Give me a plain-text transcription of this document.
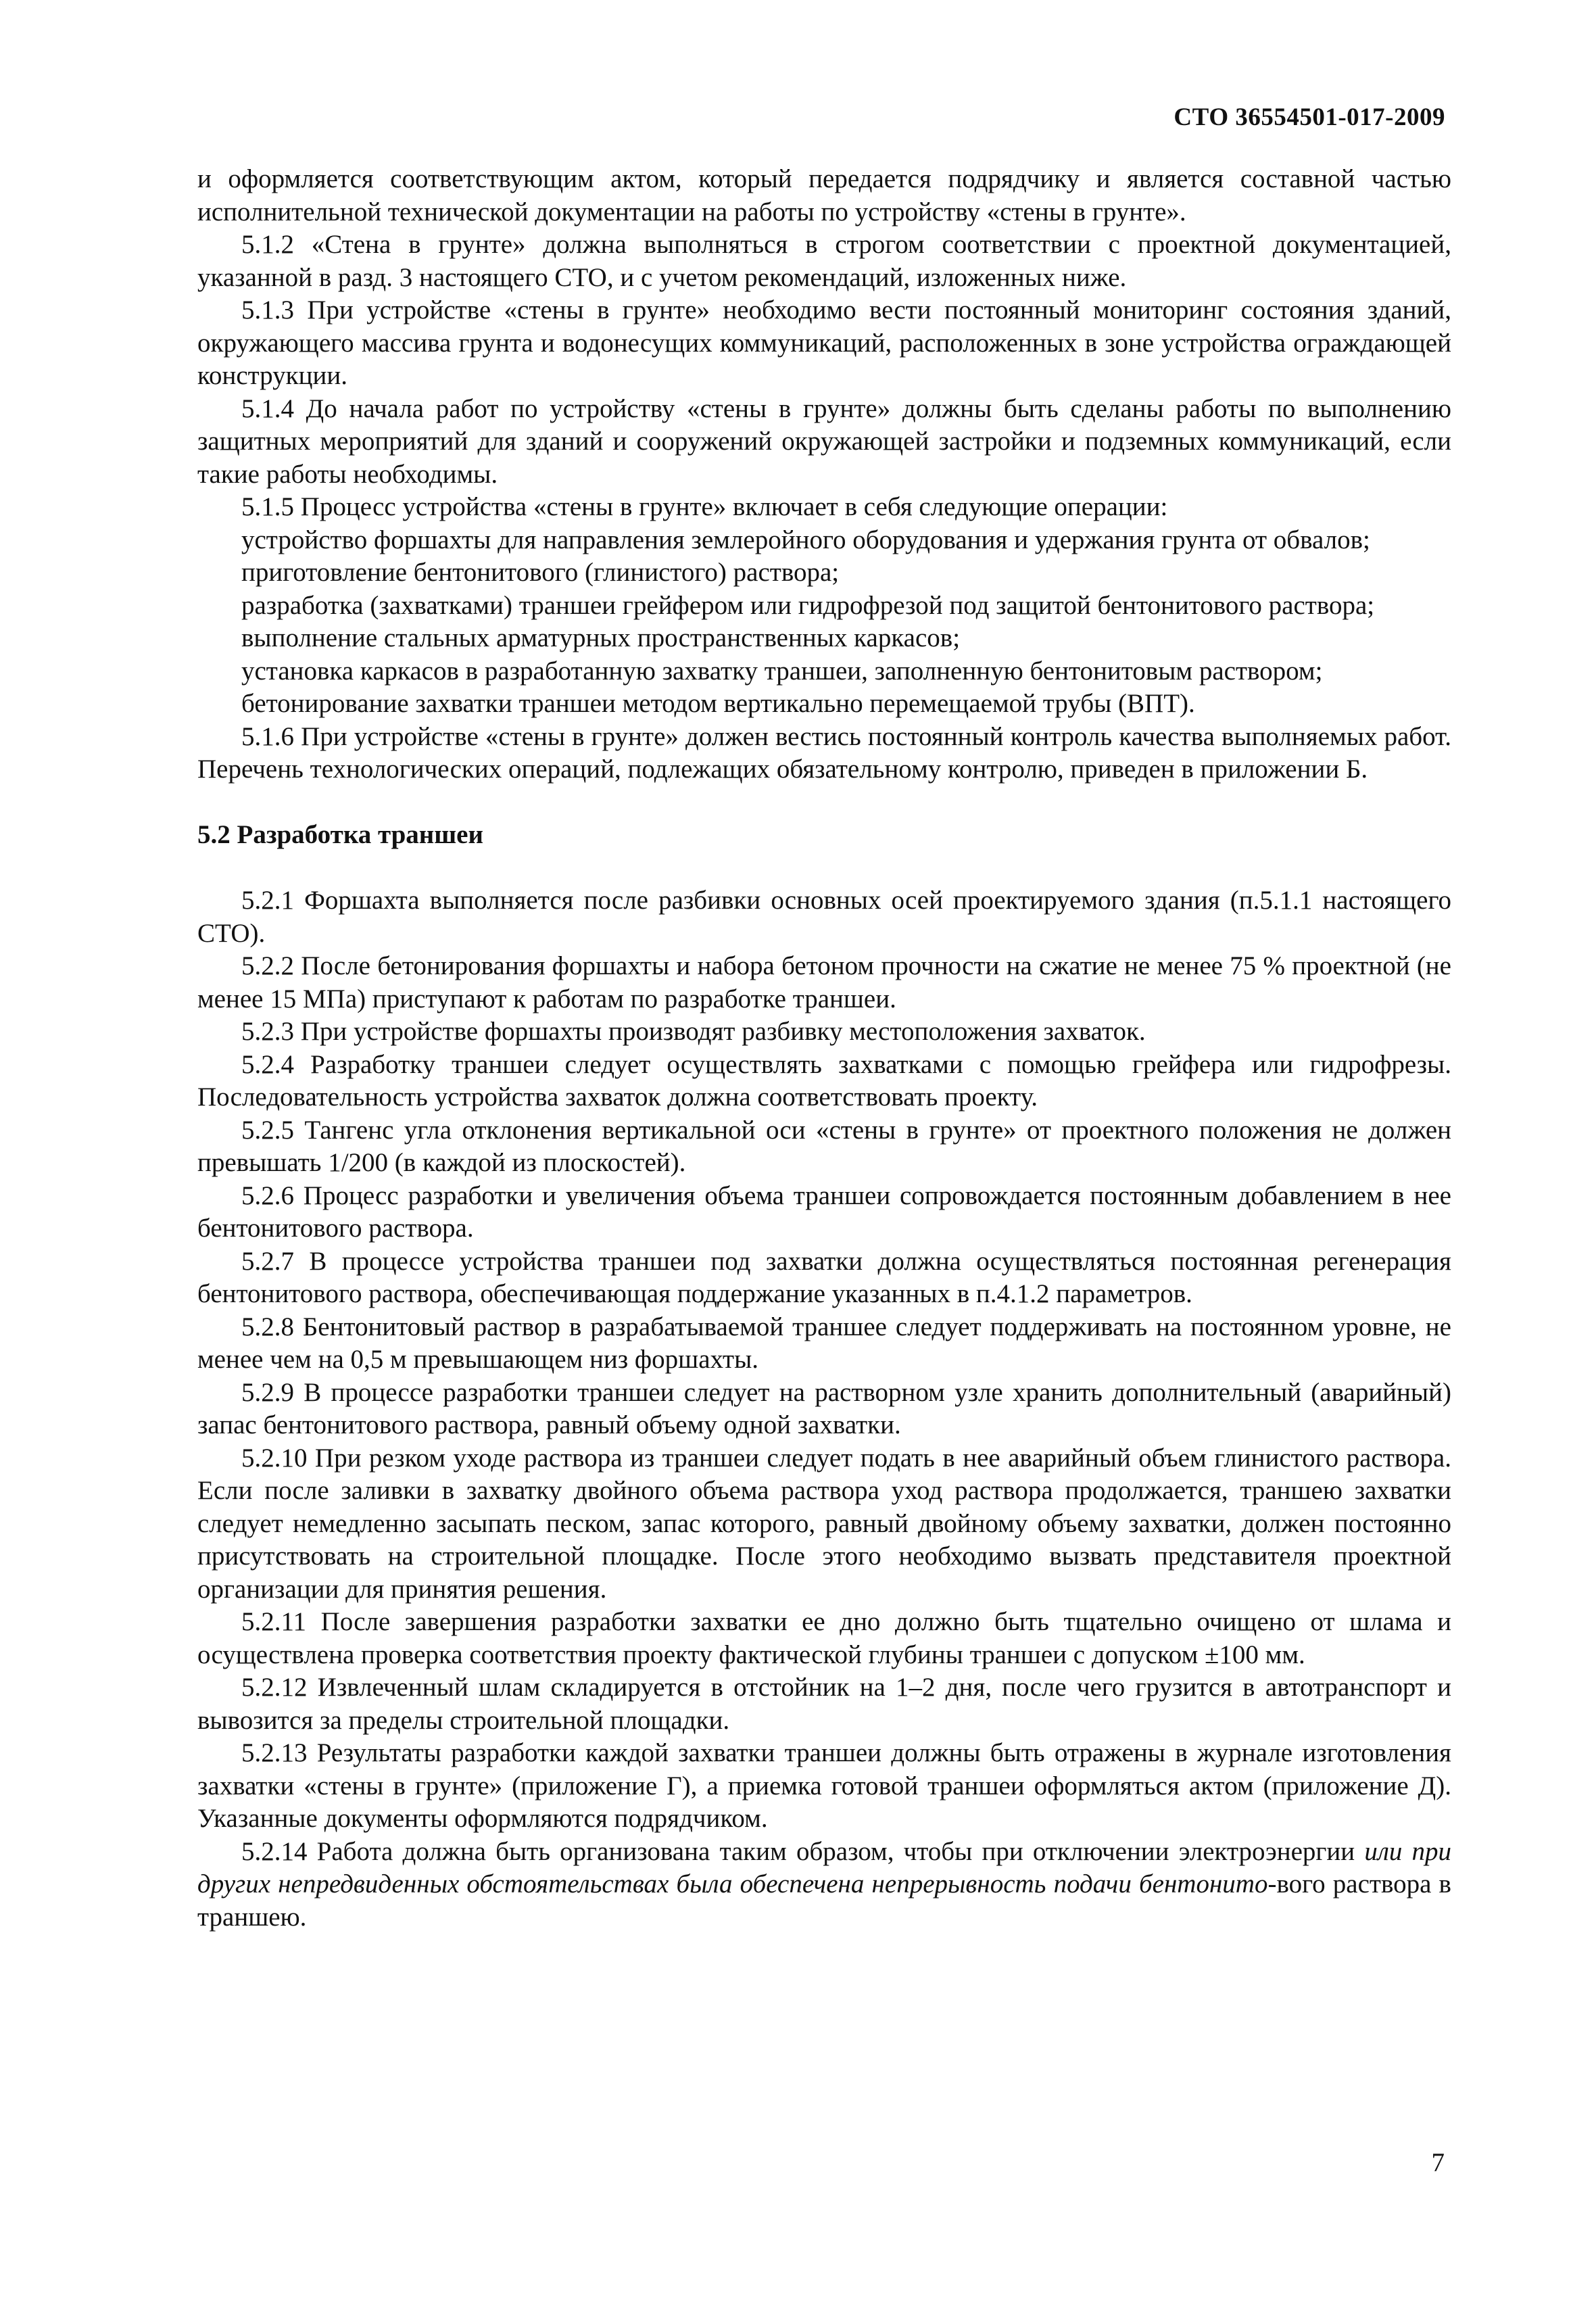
СТО 36554501-017-2009

и оформляется соответствующим актом, который передается подрядчику и является составной частью исполнительной технической документации на работы по устройству «стены в грунте».

5.1.2 «Стена в грунте» должна выполняться в строгом соответствии с проектной документацией, указанной в разд. 3 настоящего СТО, и с учетом рекомендаций, изложенных ниже.

5.1.3 При устройстве «стены в грунте» необходимо вести постоянный мониторинг состояния зданий, окружающего массива грунта и водонесущих коммуникаций, расположенных в зоне устройства ограждающей конструкции.

5.1.4 До начала работ по устройству «стены в грунте» должны быть сделаны работы по выполнению защитных мероприятий для зданий и сооружений окружающей застройки и подземных коммуникаций, если такие работы необходимы.

5.1.5 Процесс устройства «стены в грунте» включает в себя следующие операции:

устройство форшахты для направления землеройного оборудования и удержания грунта от обвалов;

приготовление бентонитового (глинистого) раствора;

разработка (захватками) траншеи грейфером или гидрофрезой под защитой бентонитового раствора;

выполнение стальных арматурных пространственных каркасов;

установка каркасов в разработанную захватку траншеи, заполненную бентонитовым раствором;

бетонирование захватки траншеи методом вертикально перемещаемой трубы (ВПТ).

5.1.6 При устройстве «стены в грунте» должен вестись постоянный контроль качества выполняемых работ. Перечень технологических операций, подлежащих обязательному контролю, приведен в приложении Б.

5.2 Разработка траншеи

5.2.1 Форшахта выполняется после разбивки основных осей проектируемого здания (п.5.1.1 настоящего СТО).

5.2.2 После бетонирования форшахты и набора бетоном прочности на сжатие не менее 75 % проектной (не менее 15 МПа) приступают к работам по разработке траншеи.

5.2.3 При устройстве форшахты производят разбивку местоположения захваток.

5.2.4 Разработку траншеи следует осуществлять захватками с помощью грейфера или гидрофрезы. Последовательность устройства захваток должна соответствовать проекту.

5.2.5 Тангенс угла отклонения вертикальной оси «стены в грунте» от проектного положения не должен превышать 1/200 (в каждой из плоскостей).

5.2.6 Процесс разработки и увеличения объема траншеи сопровождается постоянным добавлением в нее бентонитового раствора.

5.2.7 В процессе устройства траншеи под захватки должна осуществляться постоянная регенерация бентонитового раствора, обеспечивающая поддержание указанных в п.4.1.2 параметров.

5.2.8 Бентонитовый раствор в разрабатываемой траншее следует поддерживать на постоянном уровне, не менее чем на 0,5 м превышающем низ форшахты.

5.2.9 В процессе разработки траншеи следует на растворном узле хранить дополнительный (аварийный) запас бентонитового раствора, равный объему одной захватки.

5.2.10 При резком уходе раствора из траншеи следует подать в нее аварийный объем глинистого раствора. Если после заливки в захватку двойного объема раствора уход раствора продолжается, траншею захватки следует немедленно засыпать песком, запас которого, равный двойному объему захватки, должен постоянно присутствовать на строительной площадке. После этого необходимо вызвать представителя проектной организации для принятия решения.

5.2.11 После завершения разработки захватки ее дно должно быть тщательно очищено от шлама и осуществлена проверка соответствия проекту фактической глубины траншеи с допуском ±100 мм.

5.2.12 Извлеченный шлам складируется в отстойник на 1–2 дня, после чего грузится в автотранспорт и вывозится за пределы строительной площадки.

5.2.13 Результаты разработки каждой захватки траншеи должны быть отражены в журнале изготовления захватки «стены в грунте» (приложение Г), а приемка готовой траншеи оформляться актом (приложение Д). Указанные документы оформляются подрядчиком.

5.2.14 Работа должна быть организована таким образом, чтобы при отключении электроэнергии или при других непредвиденных обстоятельствах была обеспечена непрерывность подачи бентонито-вого раствора в траншею.

7
